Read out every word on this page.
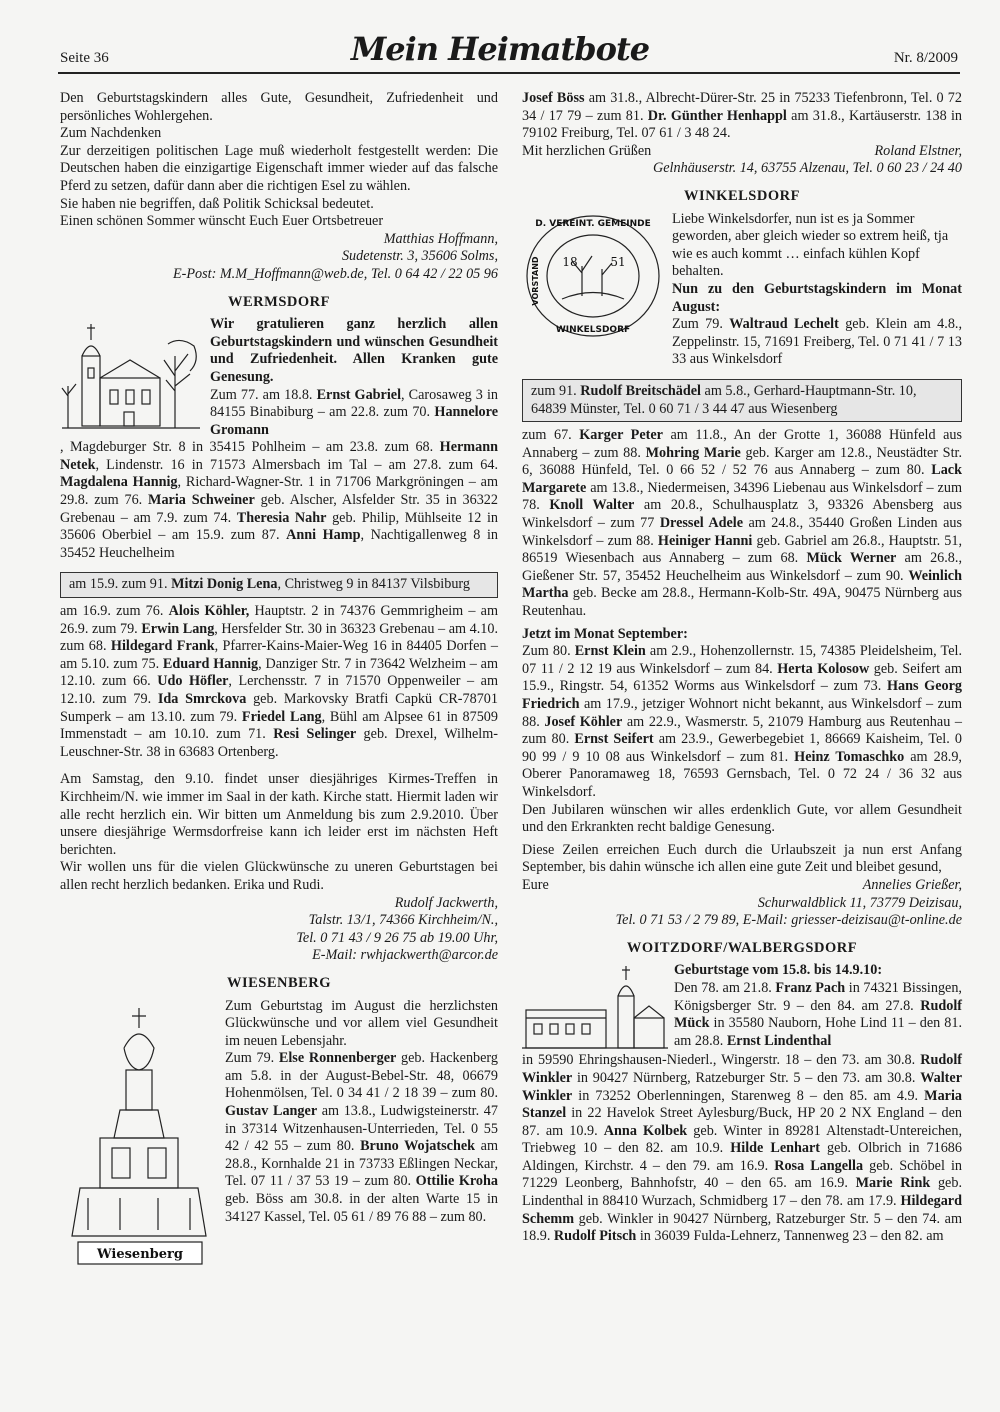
Seite 36	Mein Heimatbote	Nr. 8/2009

Den Geburtstagskindern alles Gute, Gesundheit, Zufriedenheit und persönliches Wohlergehen.

Zum Nachdenken

Zur derzeitigen politischen Lage muß wiederholt festgestellt werden: Die Deutschen haben die einzigartige Eigenschaft immer wieder auf das falsche Pferd zu setzen, dafür dann aber die richtigen Esel zu wählen.

Sie haben nie begriffen, daß Politik Schicksal bedeutet.

Einen schönen Sommer wünscht Euch Euer Ortsbetreuer

Matthias Hoffmann,

Sudetenstr. 3, 35606 Solms,

E-Post: M.M_Hoffmann@web.de, Tel. 0 64 42 / 22 05 96

WERMSDORF

Wir gratulieren ganz herzlich allen Geburtstagskindern und wünschen Gesundheit und Zufriedenheit. Allen Kranken gute Genesung.

Zum 77. am 18.8. Ernst Gabriel, Carosaweg 3 in 84155 Binabiburg – am 22.8. zum 70. Hannelore Gromann

, Magdeburger Str. 8 in 35415 Pohlheim – am 23.8. zum 68. Hermann Netek, Lindenstr. 16 in 71573 Almersbach im Tal – am 27.8. zum 64. Magdalena Hannig, Richard-Wagner-Str. 1 in 71706 Markgröningen – am 29.8. zum 76. Maria Schweiner geb. Alscher, Alsfelder Str. 35 in 36322 Grebenau – am 7.9. zum 74. Theresia Nahr geb. Philip, Mühlseite 12 in 35606 Oberbiel – am 15.9. zum 87. Anni Hamp, Nachtigallenweg 8 in 35452 Heuchelheim

am 15.9. zum 91. Mitzi Donig Lena, Christweg 9 in 84137 Vilsbiburg

am 16.9. zum 76. Alois Köhler, Hauptstr. 2 in 74376 Gemmrigheim – am 26.9. zum 79. Erwin Lang, Hersfelder Str. 30 in 36323 Grebenau – am 4.10. zum 68. Hildegard Frank, Pfarrer-Kains-Maier-Weg 16 in 84405 Dorfen – am 5.10. zum 75. Eduard Hannig, Danziger Str. 7 in 73642 Welzheim – am 12.10. zum 66. Udo Höfler, Lerchensstr. 7 in 71570 Oppenweiler – am 12.10. zum 79. Ida Smrckova geb. Markovsky Bratfi Capkü CR-78701 Sumperk – am 13.10. zum 79. Friedel Lang, Bühl am Alpsee 61 in 87509 Immenstadt – am 10.10. zum 71. Resi Selinger geb. Drexel, Wilhelm-Leuschner-Str. 38 in 63683 Ortenberg.

Am Samstag, den 9.10. findet unser diesjähriges Kirmes-Treffen in Kirchheim/N. wie immer im Saal in der kath. Kirche statt. Hiermit laden wir alle recht herzlich ein. Wir bitten um Anmeldung bis zum 2.9.2010. Über unsere diesjährige Wermsdorfreise kann ich leider erst im nächsten Heft berichten.

Wir wollen uns für die vielen Glückwünsche zu uneren Geburtstagen bei allen recht herzlich bedanken. Erika und Rudi.

Rudolf Jackwerth,

Talstr. 13/1, 74366 Kirchheim/N.,

Tel. 0 71 43 / 9 26 75 ab 19.00 Uhr,

E-Mail: rwhjackwerth@arcor.de

WIESENBERG

Wiesenberg

Zum Geburtstag im August die herzlichsten Glückwünsche und vor allem viel Gesundheit im neuen Lebensjahr.

Zum 79. Else Ronnenberger geb. Hackenberg am 5.8. in der August-Bebel-Str. 48, 06679 Hohenmölsen, Tel. 0 34 41 / 2 18 39 – zum 80. Gustav Langer am 13.8., Ludwigsteinerstr. 47 in 37314 Witzenhausen-Unterrieden, Tel. 0 55 42 / 42 55 – zum 80. Bruno Wojatschek am 28.8., Kornhalde 21 in 73733 Eßlingen Neckar, Tel. 07 11 / 37 53 19 – zum 80. Ottilie Kroha geb. Böss am 30.8. in der alten Warte 15 in 34127 Kassel, Tel. 05 61 / 89 76 88 – zum 80.

Josef Böss am 31.8., Albrecht-Dürer-Str. 25 in 75233 Tiefenbronn, Tel. 0 72 34 / 17 79 – zum 81. Dr. Günther Henhappl am 31.8., Kartäuserstr. 138 in 79102 Freiburg, Tel. 07 61 / 3 48 24.

Mit herzlichen Grüßen	Roland Elstner,

Gelnhäuserstr. 14, 63755 Alzenau, Tel. 0 60 23 / 24 40

WINKELSDORF

D. VEREINT. GEMEINDE
VORSTAND
WINKELSDORF
18	51

Liebe Winkelsdorfer, nun ist es ja Sommer geworden, aber gleich wieder so extrem heiß, tja wie es auch kommt … einfach kühlen Kopf behalten.

Nun zu den Geburtstagskindern im Monat August:

Zum 79. Waltraud Lechelt geb. Klein am 4.8., Zeppelinstr. 15, 71691 Freiberg, Tel. 0 71 41 / 7 13 33 aus Winkelsdorf

zum 91. Rudolf Breitschädel am 5.8., Gerhard-Hauptmann-Str. 10, 64839 Münster, Tel. 0 60 71 / 3 44 47 aus Wiesenberg

zum 67. Karger Peter am 11.8., An der Grotte 1, 36088 Hünfeld aus Annaberg – zum 88. Mohring Marie geb. Karger am 12.8., Neustädter Str. 6, 36088 Hünfeld, Tel. 0 66 52 / 52 76 aus Annaberg – zum 80. Lack Margarete am 13.8., Niedermeisen, 34396 Liebenau aus Winkelsdorf – zum 78. Knoll Walter am 20.8., Schulhausplatz 3, 93326 Abensberg aus Winkelsdorf – zum 77 Dressel Adele am 24.8., 35440 Großen Linden aus Winkelsdorf – zum 88. Heiniger Hanni geb. Gabriel am 26.8., Hauptstr. 51, 86519 Wiesenbach aus Annaberg – zum 68. Mück Werner am 26.8., Gießener Str. 57, 35452 Heuchelheim aus Winkelsdorf – zum 90. Weinlich Martha geb. Becke am 28.8., Hermann-Kolb-Str. 49A, 90475 Nürnberg aus Reutenhau.

Jetzt im Monat September:

Zum 80. Ernst Klein am 2.9., Hohenzollernstr. 15, 74385 Pleidelsheim, Tel. 07 11 / 2 12 19 aus Winkelsdorf – zum 84. Herta Kolosow geb. Seifert am 15.9., Ringstr. 54, 61352 Worms aus Winkelsdorf – zum 73. Hans Georg Friedrich am 17.9., jetziger Wohnort nicht bekannt, aus Winkelsdorf – zum 88. Josef Köhler am 22.9., Wasmerstr. 5, 21079 Hamburg aus Reutenhau – zum 80. Ernst Seifert am 23.9., Gewerbegebiet 1, 86669 Kaisheim, Tel. 0 90 99 / 9 10 08 aus Winkelsdorf – zum 81. Heinz Tomaschko am 28.9, Oberer Panoramaweg 18, 76593 Gernsbach, Tel. 0 72 24 / 36 32 aus Winkelsdorf.

Den Jubilaren wünschen wir alles erdenklich Gute, vor allem Gesundheit und den Erkrankten recht baldige Genesung.

Diese Zeilen erreichen Euch durch die Urlaubszeit ja nun erst Anfang September, bis dahin wünsche ich allen eine gute Zeit und bleibet gesund,

Eure	Annelies Grießer,

Schurwaldblick 11, 73779 Deizisau,

Tel. 0 71 53 / 2 79 89, E-Mail: griesser-deizisau@t-online.de

WOITZDORF/WALBERGSDORF

Geburtstage vom 15.8. bis 14.9.10:

Den 78. am 21.8. Franz Pach in 74321 Bissingen, Königsberger Str. 9 – den 84. am 27.8. Rudolf Mück in 35580 Nauborn, Hohe Lind 11 – den 81. am 28.8. Ernst Lindenthal

in 59590 Ehringshausen-Niederl., Wingerstr. 18 – den 73. am 30.8. Rudolf Winkler in 90427 Nürnberg, Ratzeburger Str. 5 – den 73. am 30.8. Walter Winkler in 73252 Oberlenningen, Starenweg 8 – den 85. am 4.9. Maria Stanzel in 22 Havelok Street Aylesburg/Buck, HP 20 2 NX England – den 87. am 10.9. Anna Kolbek geb. Winter in 89281 Altenstadt-Untereichen, Triebweg 10 – den 82. am 10.9. Hilde Lenhart geb. Olbrich in 71686 Aldingen, Kirchstr. 4 – den 79. am 16.9. Rosa Langella geb. Schöbel in 71229 Leonberg, Bahnhofstr, 40 – den 65. am 16.9. Marie Rink geb. Lindenthal in 88410 Wurzach, Schmidberg 17 – den 78. am 17.9. Hildegard Schemm geb. Winkler in 90427 Nürnberg, Ratzeburger Str. 5 – den 74. am 18.9. Rudolf Pitsch in 36039 Fulda-Lehnerz, Tannenweg 23 – den 82. am
